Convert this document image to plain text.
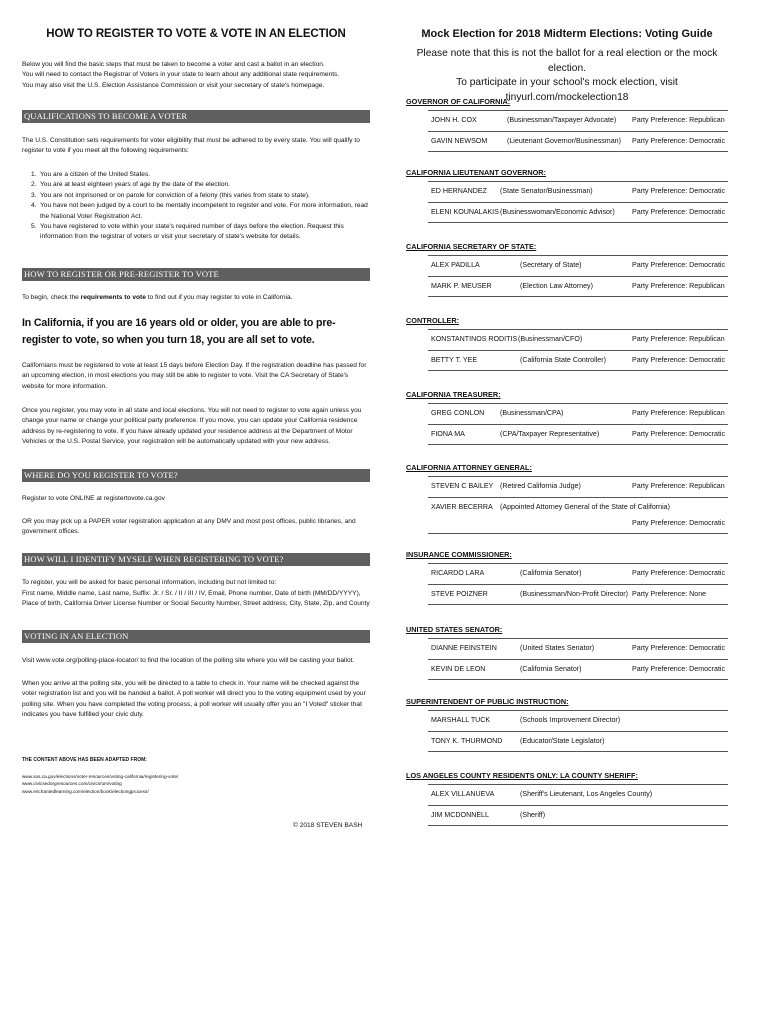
HOW TO REGISTER TO VOTE & VOTE IN AN ELECTION
Below you will find the basic steps that must be taken to become a voter and cast a ballot in an election.
You will need to contact the Registrar of Voters in your state to learn about any additional state requirements.
You may also visit the U.S. Election Assistance Commission or visit your secretary of state's homepage.
QUALIFICATIONS TO BECOME A VOTER
The U.S. Constitution sets requirements for voter eligibility that must be adhered to by every state. You will qualify to register to vote if you meet all the following requirements:
1. You are a citizen of the United States.
2. You are at least eighteen years of age by the date of the election.
3. You are not imprisoned or on parole for conviction of a felony (this varies from state to state).
4. You have not been judged by a court to be mentally incompetent to register and vote. For more information, read the National Voter Registration Act.
5. You have registered to vote within your state's required number of days before the election. Request this information from the registrar of voters or visit your secretary of state's website for details.
HOW TO REGISTER OR PRE-REGISTER TO VOTE
To begin, check the requirements to vote to find out if you may register to vote in California.
In California, if you are 16 years old or older, you are able to pre-register to vote, so when you turn 18, you are all set to vote.
Californians must be registered to vote at least 15 days before Election Day. If the registration deadline has passed for an upcoming election, in most elections you may still be able to register to vote. Visit the CA Secretary of State's website for more information.
Once you register, you may vote in all state and local elections. You will not need to register to vote again unless you change your name or change your political party preference. If you move, you can update your California residence address by re-registering to vote. If you have already updated your residence address at the Department of Motor Vehicles or the U.S. Postal Service, your registration will be automatically updated with your new address.
WHERE DO YOU REGISTER TO VOTE?
Register to vote ONLINE at registertovote.ca.gov
OR you may pick up a PAPER voter registration application at any DMV and most post offices, public libraries, and government offices.
HOW WILL I IDENTIFY MYSELF WHEN REGISTERING TO VOTE?
To register, you will be asked for basic personal information, including but not limited to:
First name, Middle name, Last name, Suffix: Jr. / Sr. / II / III / IV, Email, Phone number, Date of birth (MM/DD/YYYY), Place of birth, California Driver License Number or Social Security Number, Street address, City, State, Zip, and County
VOTING IN AN ELECTION
Visit www.vote.org/polling-place-locator/ to find the location of the polling site where you will be casting your ballot.
When you arrive at the polling site, you will be directed to a table to check in. Your name will be checked against the voter registration list and you will be handed a ballot. A poll worker will direct you to the voting equipment used by your polling site. When you have completed the voting process, a poll worker will usually offer you an "I Voted" sticker that indicates you have fulfilled your civic duty.
THE CONTENT ABOVE HAS BEEN ADAPTED FROM:
www.sos.ca.gov/elections/voter-resources/voting-california/registering-vote/
www.civicsedorgresources.com/civics/um/voting
www.enchantedlearning.com/election/book/electiongprocess/
© 2018 STEVEN BASH
Mock Election for 2018 Midterm Elections: Voting Guide
Please note that this is not the ballot for a real election or the mock election.
To participate in your school's mock election, visit tinyurl.com/mockelection18
GOVERNOR OF CALIFORNIA:
JOHN H. COX	(Businessman/Taxpayer Advocate) Party Preference: Republican
GAVIN NEWSOM	(Lieutenant Governor/Businessman) Party Preference: Democratic
CALIFORNIA LIEUTENANT GOVERNOR:
ED HERNANDEZ (State Senator/Businessman)	Party Preference: Democratic
ELENI KOUNALAKIS (Businesswoman/Economic Advisor) Party Preference: Democratic
CALIFORNIA SECRETARY OF STATE:
ALEX PADILLA	(Secretary of State)	Party Preference: Democratic
MARK P. MEUSER	(Election Law Attorney)	Party Preference: Republican
CONTROLLER:
KONSTANTINOS RODITIS (Businessman/CFO)	Party Preference: Republican
BETTY T. YEE	(California State Controller)	Party Preference: Democratic
CALIFORNIA TREASURER:
GREG CONLON (Businessman/CPA)	Party Preference: Republican
FIONA MA	(CPA/Taxpayer Representative)	Party Preference: Democratic
CALIFORNIA ATTORNEY GENERAL:
STEVEN C BAILEY (Retired California Judge)	Party Preference: Republican
XAVIER BECERRA (Appointed Attorney General of the State of California)
Party Preference: Democratic
INSURANCE COMMISSIONER:
RICARDO LARA	(California Senator)	Party Preference: Democratic
STEVE POIZNER	(Businessman/Non-Profit Director) Party Preference: None
UNITED STATES SENATOR:
DIANNE FEINSTEIN	(United States Senator)	Party Preference: Democratic
KEVIN DE LEON	(California Senator)	Party Preference: Democratic
SUPERINTENDENT OF PUBLIC INSTRUCTION:
MARSHALL TUCK	(Schools Improvement Director)
TONY K. THURMOND (Educator/State Legislator)
LOS ANGELES COUNTY RESIDENTS ONLY: LA COUNTY SHERIFF:
ALEX VILLANUEVA	(Sheriff's Lieutenant, Los Angeles County)
JIM MCDONNELL	(Sheriff)
